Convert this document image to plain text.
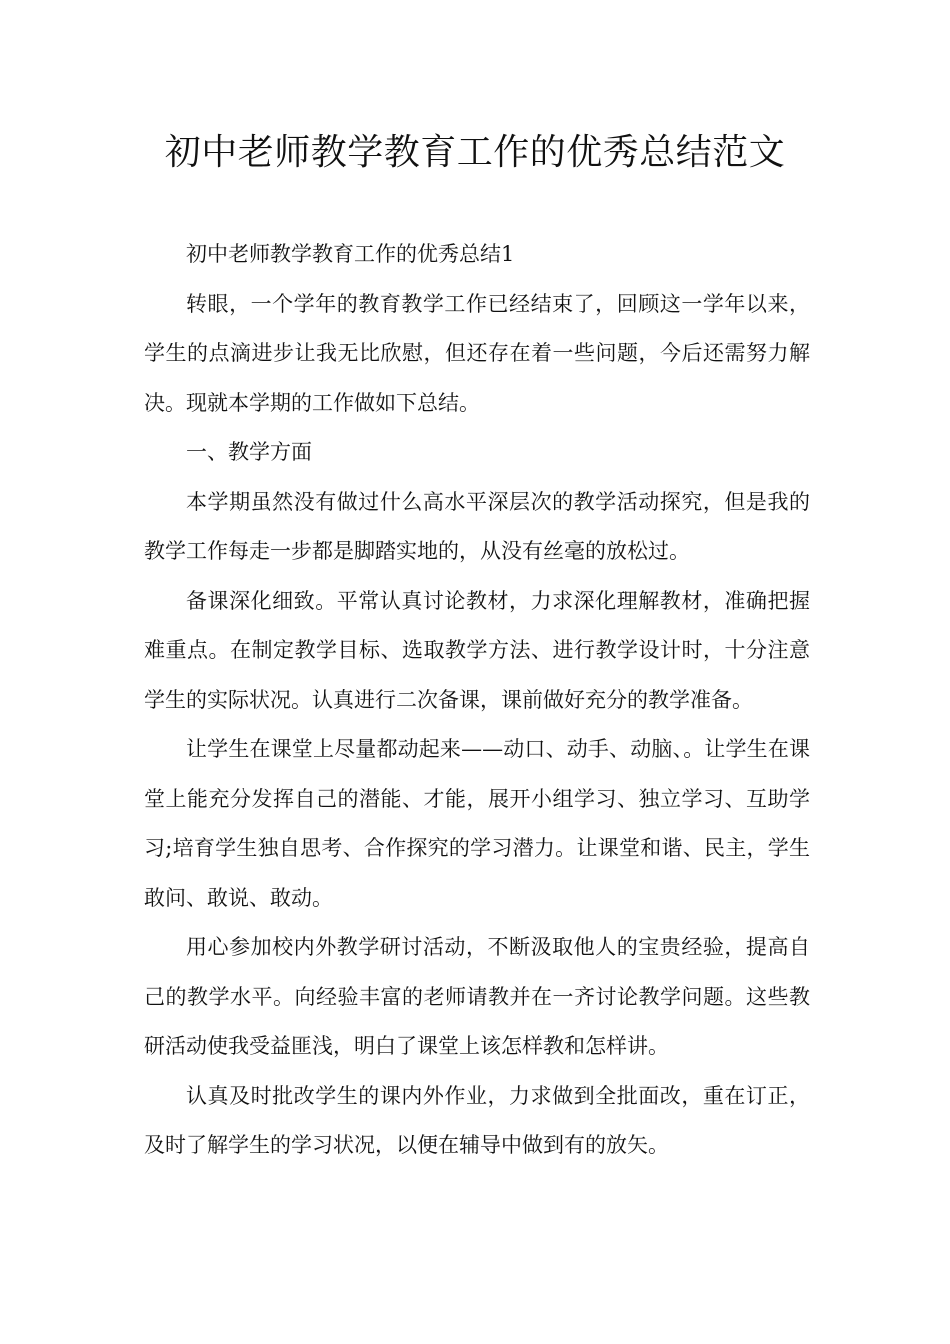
初中老师教学教育工作的优秀总结范文

初中老师教学教育工作的优秀总结1

转眼，一个学年的教育教学工作已经结束了，回顾这一学年以来，学生的点滴进步让我无比欣慰，但还存在着一些问题，今后还需努力解决。现就本学期的工作做如下总结。

一、教学方面

本学期虽然没有做过什么高水平深层次的教学活动探究，但是我的教学工作每走一步都是脚踏实地的，从没有丝毫的放松过。

备课深化细致。平常认真讨论教材，力求深化理解教材，准确把握难重点。在制定教学目标、选取教学方法、进行教学设计时，十分注意学生的实际状况。认真进行二次备课，课前做好充分的教学准备。

让学生在课堂上尽量都动起来——动口、动手、动脑、。让学生在课堂上能充分发挥自己的潜能、才能，展开小组学习、独立学习、互助学习;培育学生独自思考、合作探究的学习潜力。让课堂和谐、民主，学生敢问、敢说、敢动。

用心参加校内外教学研讨活动，不断汲取他人的宝贵经验，提高自己的教学水平。向经验丰富的老师请教并在一齐讨论教学问题。这些教研活动使我受益匪浅，明白了课堂上该怎样教和怎样讲。

认真及时批改学生的课内外作业，力求做到全批面改，重在订正，及时了解学生的学习状况，以便在辅导中做到有的放矢。
